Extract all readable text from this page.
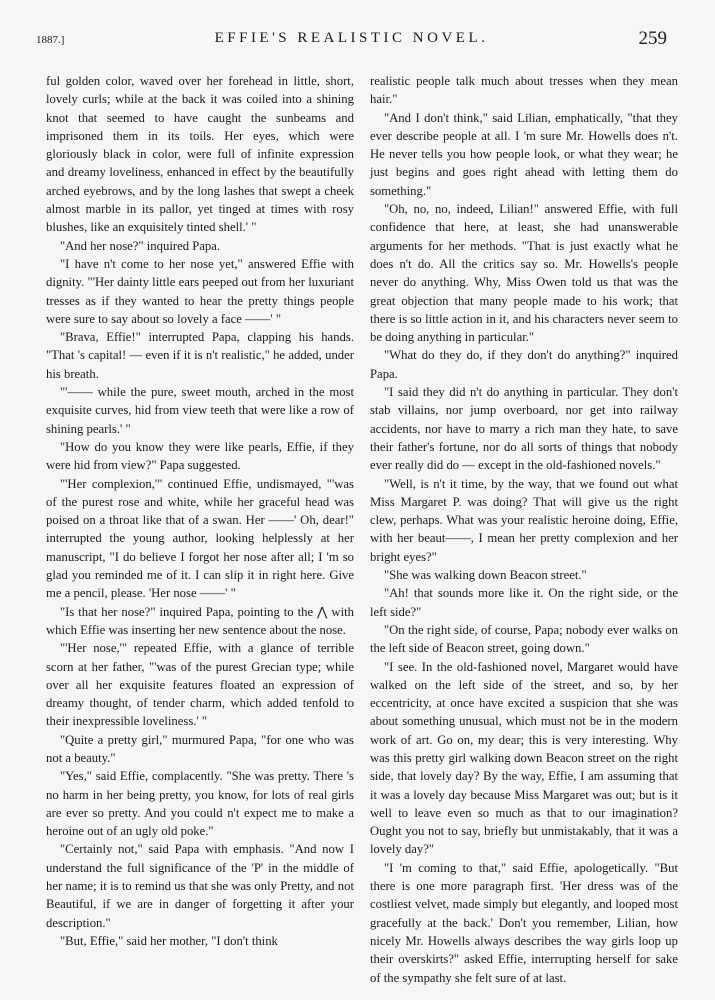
1887.]	EFFIE'S REALISTIC NOVEL.	259

ful golden color, waved over her forehead in little, short, lovely curls; while at the back it was coiled into a shining knot that seemed to have caught the sunbeams and imprisoned them in its toils. Her eyes, which were gloriously black in color, were full of infinite expression and dreamy loveliness, enhanced in effect by the beautifully arched eyebrows, and by the long lashes that swept a cheek almost marble in its pallor, yet tinged at times with rosy blushes, like an exquisitely tinted shell.' "

"And her nose?" inquired Papa.

"I have n't come to her nose yet," answered Effie with dignity. "'Her dainty little ears peeped out from her luxuriant tresses as if they wanted to hear the pretty things people were sure to say about so lovely a face ——' "

"Brava, Effie!" interrupted Papa, clapping his hands. "That 's capital! — even if it is n't realistic," he added, under his breath.

"'—— while the pure, sweet mouth, arched in the most exquisite curves, hid from view teeth that were like a row of shining pearls.' "

"How do you know they were like pearls, Effie, if they were hid from view?" Papa suggested.

"'Her complexion,'" continued Effie, undismayed, "'was of the purest rose and white, while her graceful head was poised on a throat like that of a swan. Her ——' Oh, dear!" interrupted the young author, looking helplessly at her manuscript, "I do believe I forgot her nose after all; I 'm so glad you reminded me of it. I can slip it in right here. Give me a pencil, please. 'Her nose ——' "

"Is that her nose?" inquired Papa, pointing to the ⋀ with which Effie was inserting her new sentence about the nose.

"'Her nose,'" repeated Effie, with a glance of terrible scorn at her father, "'was of the purest Grecian type; while over all her exquisite features floated an expression of dreamy thought, of tender charm, which added tenfold to their inexpressible loveliness.' "

"Quite a pretty girl," murmured Papa, "for one who was not a beauty."

"Yes," said Effie, complacently. "She was pretty. There 's no harm in her being pretty, you know, for lots of real girls are ever so pretty. And you could n't expect me to make a heroine out of an ugly old poke."

"Certainly not," said Papa with emphasis. "And now I understand the full significance of the 'P' in the middle of her name; it is to remind us that she was only Pretty, and not Beautiful, if we are in danger of forgetting it after your description."

"But, Effie," said her mother, "I don't think

realistic people talk much about tresses when they mean hair."

"And I don't think," said Lilian, emphatically, "that they ever describe people at all. I 'm sure Mr. Howells does n't. He never tells you how people look, or what they wear; he just begins and goes right ahead with letting them do something."

"Oh, no, no, indeed, Lilian!" answered Effie, with full confidence that here, at least, she had unanswerable arguments for her methods. "That is just exactly what he does n't do. All the critics say so. Mr. Howells's people never do anything. Why, Miss Owen told us that was the great objection that many people made to his work; that there is so little action in it, and his characters never seem to be doing anything in particular."

"What do they do, if they don't do anything?" inquired Papa.

"I said they did n't do anything in particular. They don't stab villains, nor jump overboard, nor get into railway accidents, nor have to marry a rich man they hate, to save their father's fortune, nor do all sorts of things that nobody ever really did do — except in the old-fashioned novels."

"Well, is n't it time, by the way, that we found out what Miss Margaret P. was doing? That will give us the right clew, perhaps. What was your realistic heroine doing, Effie, with her beaut——, I mean her pretty complexion and her bright eyes?"

"She was walking down Beacon street."

"Ah! that sounds more like it. On the right side, or the left side?"

"On the right side, of course, Papa; nobody ever walks on the left side of Beacon street, going down."

"I see. In the old-fashioned novel, Margaret would have walked on the left side of the street, and so, by her eccentricity, at once have excited a suspicion that she was about something unusual, which must not be in the modern work of art. Go on, my dear; this is very interesting. Why was this pretty girl walking down Beacon street on the right side, that lovely day? By the way, Effie, I am assuming that it was a lovely day because Miss Margaret was out; but is it well to leave even so much as that to our imagination? Ought you not to say, briefly but unmistakably, that it was a lovely day?"

"I 'm coming to that," said Effie, apologetically. "But there is one more paragraph first. 'Her dress was of the costliest velvet, made simply but elegantly, and looped most gracefully at the back.' Don't you remember, Lilian, how nicely Mr. Howells always describes the way girls loop up their overskirts?" asked Effie, interrupting herself for sake of the sympathy she felt sure of at last.
